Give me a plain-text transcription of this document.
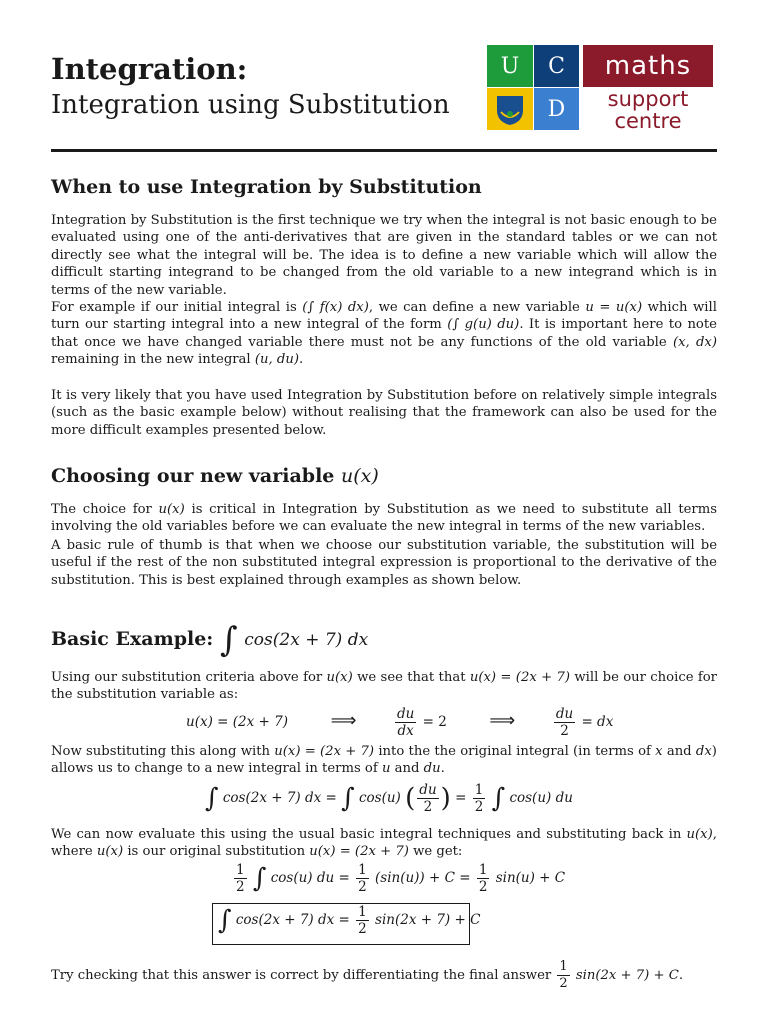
Integration:
Integration using Substitution
U C
D
maths
support
centre
When to use Integration by Substitution

Integration by Substitution is the first technique we try when the integral is not basic enough to be evaluated using one of the anti-derivatives that are given in the standard tables or we can not directly see what the integral will be. The idea is to define a new variable which will allow the difficult starting integrand to be changed from the old variable to a new integrand which is in terms of the new variable.

For example if our initial integral is (∫ f(x) dx), we can define a new variable u = u(x) which will turn our starting integral into a new integral of the form (∫ g(u) du). It is important here to note that once we have changed variable there must not be any functions of the old variable (x, dx) remaining in the new integral (u, du).

It is very likely that you have used Integration by Substitution before on relatively simple integrals (such as the basic example below) without realising that the framework can also be used for the more difficult examples presented below.

Choosing our new variable u(x)

The choice for u(x) is critical in Integration by Substitution as we need to substitute all terms involving the old variables before we can evaluate the new integral in terms of the new variables.

A basic rule of thumb is that when we choose our substitution variable, the substitution will be useful if the rest of the non substituted integral expression is proportional to the derivative of the substitution. This is best explained through examples as shown below.

Basic Example: ∫ cos(2x + 7) dx

Using our substitution criteria above for u(x) we see that that u(x) = (2x + 7) will be our choice for the substitution variable as:

u(x) = (2x + 7) ⟹	$\frac{du}{dx} = 2$ ⟹	$\frac{du}{2}$ = dx

Now substituting this along with u(x) = (2x + 7) into the the original integral (in terms of x and dx) allows us to change to a new integral in terms of u and du.

∫ cos(2x + 7) dx = ∫ cos(u) ( $\frac{du}{2}$ ) = $\frac{1}{2}$ ∫ cos(u) du

We can now evaluate this using the usual basic integral techniques and substituting back in u(x), where u(x) is our original substitution u(x) = (2x + 7) we get:

$\frac{1}{2}$ ∫ cos(u) du = $\frac{1}{2} (\sin(u)) + C = \frac{1}{2} \sin(u) + C$
∫ cos(2x + 7) dx = $\frac{1}{2} \sin(2x + 7) + C$

Try checking that this answer is correct by differentiating the final answer $\frac{1}{2} \sin(2x + 7) + C$.
